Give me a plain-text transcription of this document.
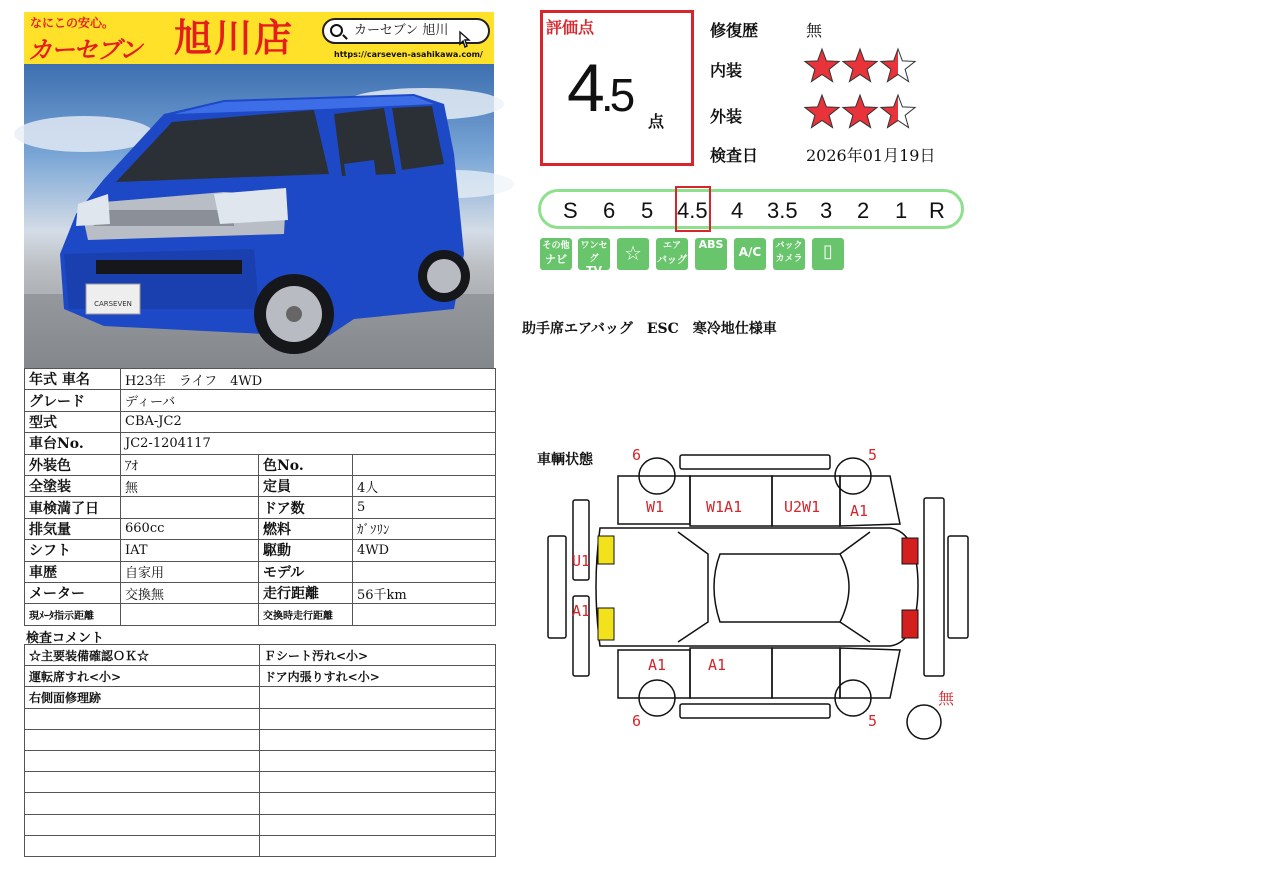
なにこの安心。
カーセブン 旭川店	カーセブン 旭川
https://carseven-asahikawa.com/
CARSEVEN
年式 車名	H23年　ライフ　4WD		
グレード	ディーバ		
型式	CBA-JC2		
車台No.	JC2-1204117		
外装色	ｱｵ	色No.	
全塗装	無	定員	4人
車検満了日		ドア数	5
排気量	660cc	燃料	ｶﾞｿﾘﾝ
シフト	IAT	駆動	4WD
車歴	自家用	モデル	
メーター	交換無	走行距離	56千km
現ﾒｰﾀ指示距離		交換時走行距離	
検査コメント
☆主要装備確認ＯＫ☆	Ｆシート汚れ<小>
運転席すれ<小>	ドア内張りすれ<小>
右側面修理跡	

評価点
4.5
点
修復歴	無
内装
外装
検査日	2026年01月19日
S 6 5 4.5 4 3.5 3 2 1 R
その他
ナビ
ワンセグ
TV
☆	エア
バッグ
ABS
A/C	バック
カメラ	▯
助手席エアバッグ　ESC　寒冷地仕様車
車輌状態	6	5
6	5
W1	W1A1	U2W1 A1
U1
A1
A1	A1
無
